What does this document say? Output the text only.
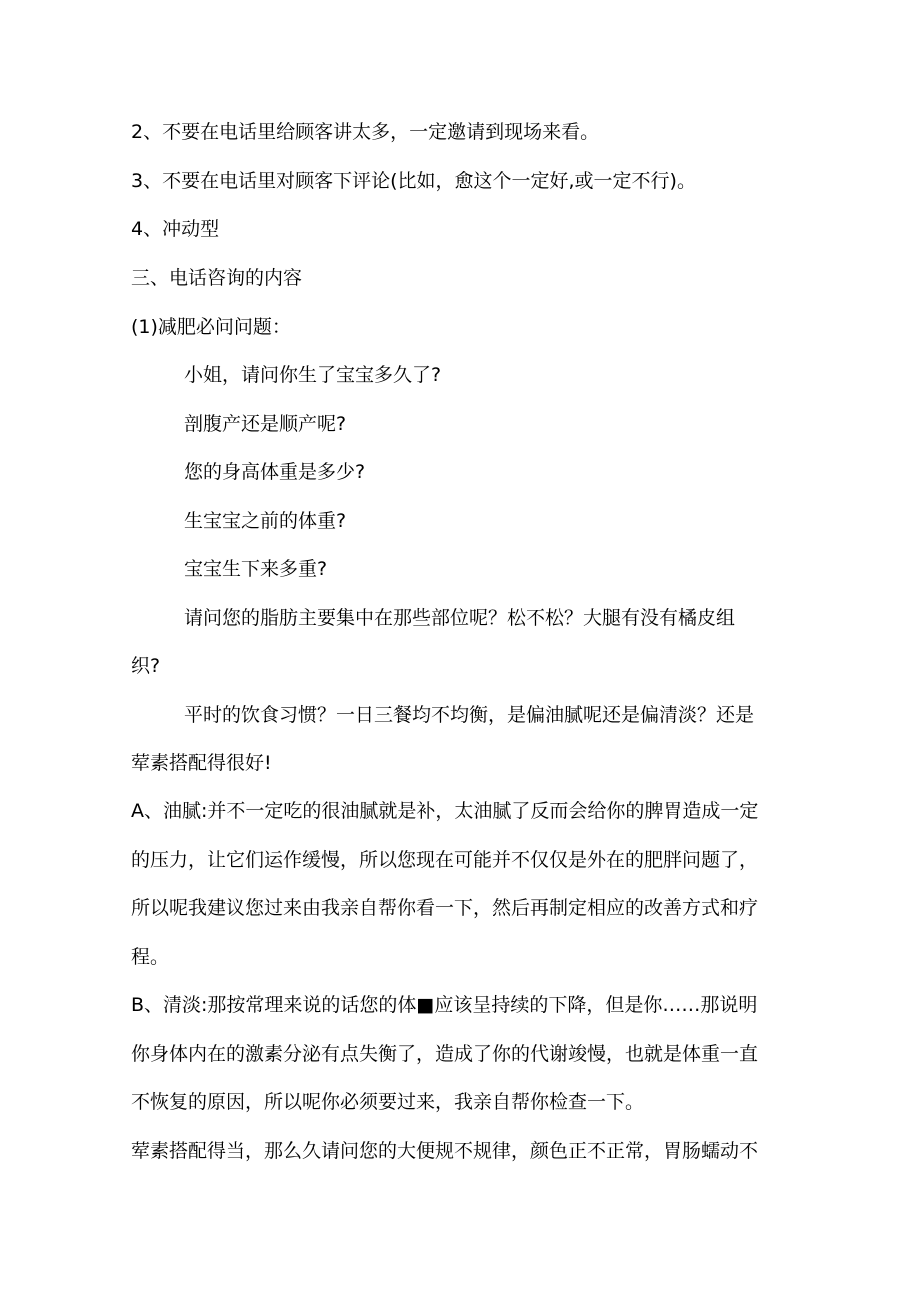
2、不要在电话里给顾客讲太多，一定邀请到现场来看。

3、不要在电话里对顾客下评论(比如，愈这个一定好,或一定不行)。

4、冲动型

三、电话咨询的内容

(1)减肥必问问题：

小姐，请问你生了宝宝多久了?

剖腹产还是顺产呢?

您的身高体重是多少?

生宝宝之前的体重?

宝宝生下来多重?

请问您的脂肪主要集中在那些部位呢？松不松？大腿有没有橘皮组

织?

平时的饮食习惯？一日三餐均不均衡，是偏油腻呢还是偏清淡？还是

荤素搭配得很好!

A、油腻:并不一定吃的很油腻就是补，太油腻了反而会给你的脾胃造成一定

的压力，让它们运作缓慢，所以您现在可能并不仅仅是外在的肥胖问题了，

所以呢我建议您过来由我亲自帮你看一下，然后再制定相应的改善方式和疗

程。

B、清淡:那按常理来说的话您的体■应该呈持续的下降，但是你……那说明

你身体内在的激素分泌有点失衡了，造成了你的代谢竣慢，也就是体重一直

不恢复的原因，所以呢你必须要过来，我亲自帮你检查一下。

荤素搭配得当，那么久请问您的大便规不规律，颜色正不正常，胃肠蠕动不
